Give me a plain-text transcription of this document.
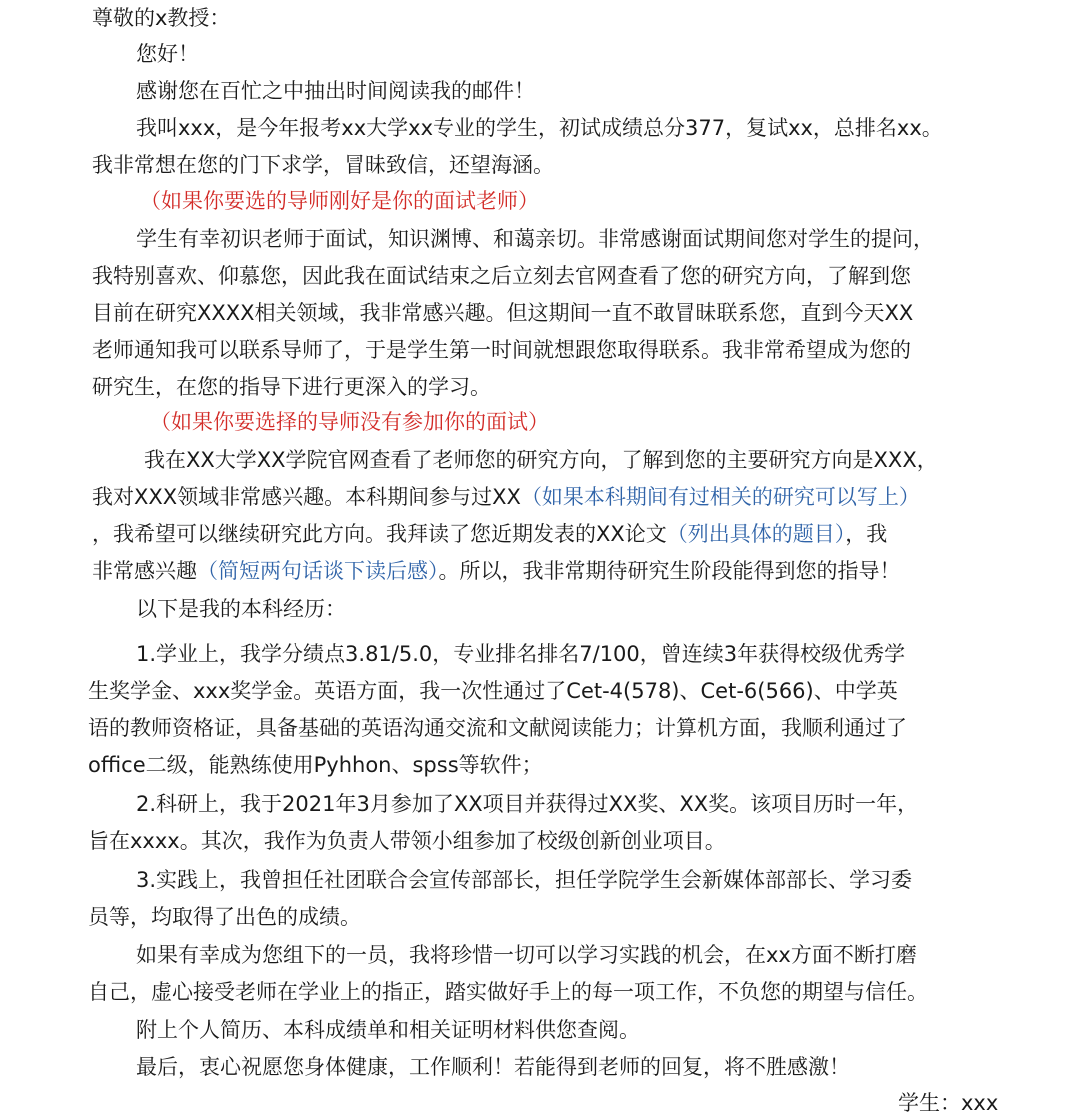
尊敬的x教授：
您好！
感谢您在百忙之中抽出时间阅读我的邮件！
我叫xxx，是今年报考xx大学xx专业的学生，初试成绩总分377，复试xx，总排名xx。
我非常想在您的门下求学，冒昧致信，还望海涵。
（如果你要选的导师刚好是你的面试老师）
学生有幸初识老师于面试，知识渊博、和蔼亲切。非常感谢面试期间您对学生的提问，
我特别喜欢、仰慕您，因此我在面试结束之后立刻去官网查看了您的研究方向，了解到您
目前在研究XXXX相关领域，我非常感兴趣。但这期间一直不敢冒昧联系您，直到今天XX
老师通知我可以联系导师了，于是学生第一时间就想跟您取得联系。我非常希望成为您的
研究生，在您的指导下进行更深入的学习。
（如果你要选择的导师没有参加你的面试）
我在XX大学XX学院官网查看了老师您的研究方向，了解到您的主要研究方向是XXX，
我对XXX领域非常感兴趣。本科期间参与过XX（如果本科期间有过相关的研究可以写上）
，我希望可以继续研究此方向。我拜读了您近期发表的XX论文（列出具体的题目），我
非常感兴趣（简短两句话谈下读后感）。所以，我非常期待研究生阶段能得到您的指导！
以下是我的本科经历：
1.学业上，我学分绩点3.81/5.0，专业排名排名7/100，曾连续3年获得校级优秀学
生奖学金、xxx奖学金。英语方面，我一次性通过了Cet-4(578)、Cet-6(566)、中学英
语的教师资格证，具备基础的英语沟通交流和文献阅读能力；计算机方面，我顺利通过了
office二级，能熟练使用Pyhhon、spss等软件；
2.科研上，我于2021年3月参加了XX项目并获得过XX奖、XX奖。该项目历时一年，
旨在xxxx。其次，我作为负责人带领小组参加了校级创新创业项目。
3.实践上，我曾担任社团联合会宣传部部长，担任学院学生会新媒体部部长、学习委
员等，均取得了出色的成绩。
如果有幸成为您组下的一员，我将珍惜一切可以学习实践的机会，在xx方面不断打磨
自己，虚心接受老师在学业上的指正，踏实做好手上的每一项工作，不负您的期望与信任。
附上个人简历、本科成绩单和相关证明材料供您查阅。
最后，衷心祝愿您身体健康，工作顺利！若能得到老师的回复，将不胜感激！
学生：xxx
